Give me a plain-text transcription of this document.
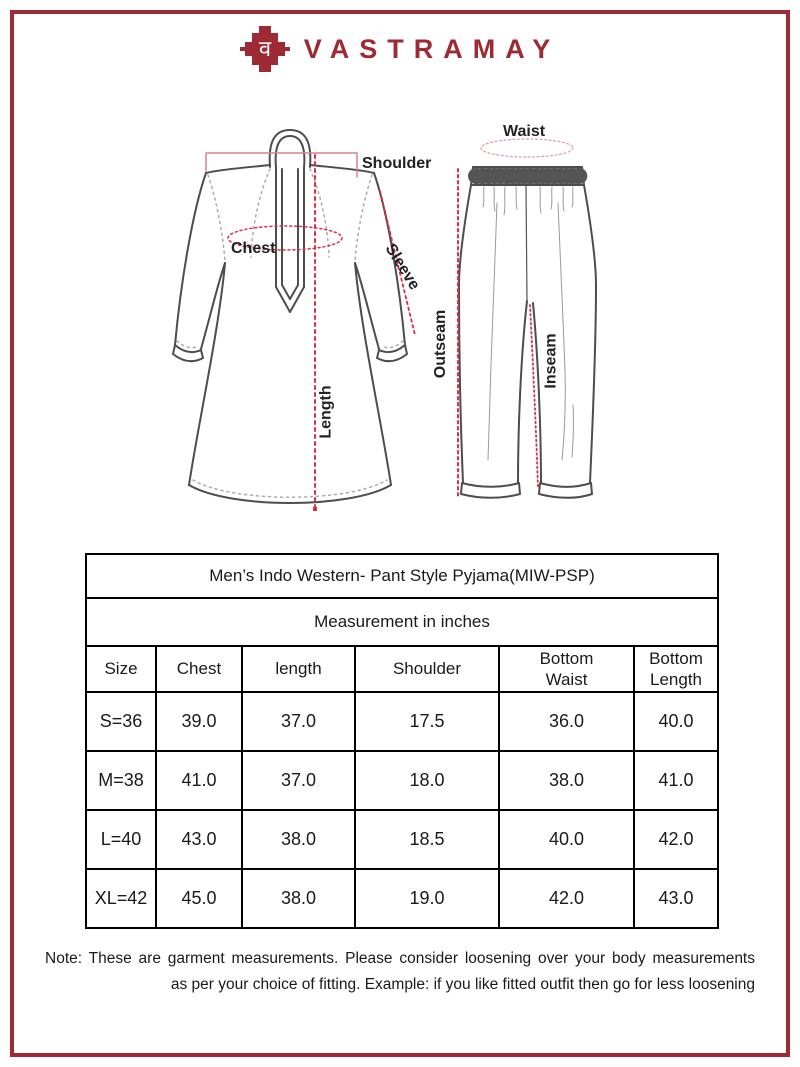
व VASTRAMAY
Shoulder
Chest	Sleeve
Length
Waist
Outseam	Inseam
Men’s Indo Western- Pant Style Pyjama(MIW-PSP)					
Measurement in inches					
Size	Chest	length	Shoulder	Bottom Waist	Bottom Length
S=36	39.0	37.0	17.5	36.0	40.0
M=38	41.0	37.0	18.0	38.0	41.0
L=40	43.0	38.0	18.5	40.0	42.0
XL=42	45.0	38.0	19.0	42.0	43.0
Note: These are garment measurements. Please consider loosening over your body measurements
as per your choice of fitting. Example: if you like fitted outfit then go for less loosening
